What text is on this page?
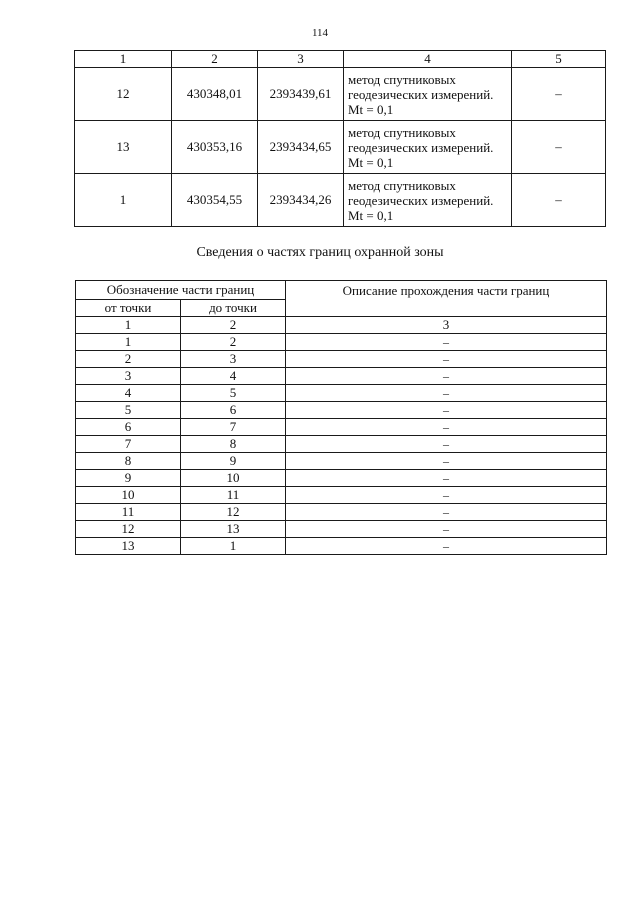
114
1	2	3	4	5
12	430348,01	2393439,61	метод спутниковых геодезических измерений. Mt = 0,1	–
13	430353,16	2393434,65	метод спутниковых геодезических измерений. Mt = 0,1	–
1	430354,55	2393434,26	метод спутниковых геодезических измерений. Mt = 0,1	–
Сведения о частях границ охранной зоны
Обозначение части границ		Описание прохождения части границ
от точки	до точки	
1	2	3
1	2	–
2	3	–
3	4	–
4	5	–
5	6	–
6	7	–
7	8	–
8	9	–
9	10	–
10	11	–
11	12	–
12	13	–
13	1	–
